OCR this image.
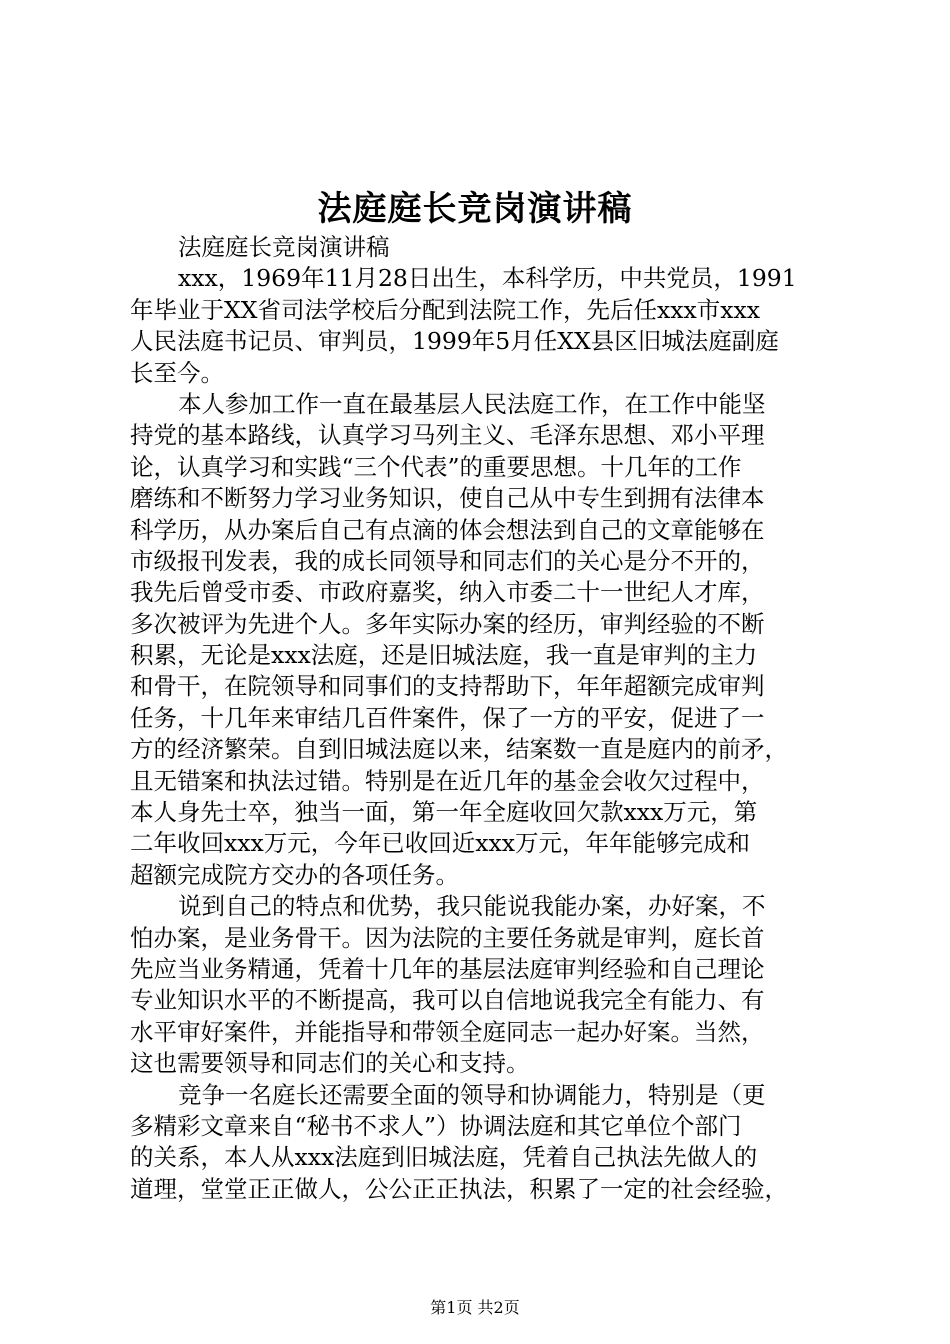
法庭庭长竞岗演讲稿
法庭庭长竞岗演讲稿
xxx，1969年11月28日出生，本科学历，中共党员，1991
年毕业于XX省司法学校后分配到法院工作，先后任xxx市xxx
人民法庭书记员、审判员，1999年5月任XX县区旧城法庭副庭
长至今。
本人参加工作一直在最基层人民法庭工作，在工作中能坚
持党的基本路线，认真学习马列主义、毛泽东思想、邓小平理
论，认真学习和实践“三个代表”的重要思想。十几年的工作
磨练和不断努力学习业务知识，使自己从中专生到拥有法律本
科学历，从办案后自己有点滴的体会想法到自己的文章能够在
市级报刊发表，我的成长同领导和同志们的关心是分不开的，
我先后曾受市委、市政府嘉奖，纳入市委二十一世纪人才库，
多次被评为先进个人。多年实际办案的经历，审判经验的不断
积累，无论是xxx法庭，还是旧城法庭，我一直是审判的主力
和骨干，在院领导和同事们的支持帮助下，年年超额完成审判
任务，十几年来审结几百件案件，保了一方的平安，促进了一
方的经济繁荣。自到旧城法庭以来，结案数一直是庭内的前矛，
且无错案和执法过错。特别是在近几年的基金会收欠过程中，
本人身先士卒，独当一面，第一年全庭收回欠款xxx万元，第
二年收回xxx万元，今年已收回近xxx万元，年年能够完成和
超额完成院方交办的各项任务。
说到自己的特点和优势，我只能说我能办案，办好案，不
怕办案，是业务骨干。因为法院的主要任务就是审判，庭长首
先应当业务精通，凭着十几年的基层法庭审判经验和自己理论
专业知识水平的不断提高，我可以自信地说我完全有能力、有
水平审好案件，并能指导和带领全庭同志一起办好案。当然，
这也需要领导和同志们的关心和支持。
竞争一名庭长还需要全面的领导和协调能力，特别是（更
多精彩文章来自“秘书不求人”）协调法庭和其它单位个部门
的关系，本人从xxx法庭到旧城法庭，凭着自己执法先做人的
道理，堂堂正正做人，公公正正执法，积累了一定的社会经验，
第1页 共2页
